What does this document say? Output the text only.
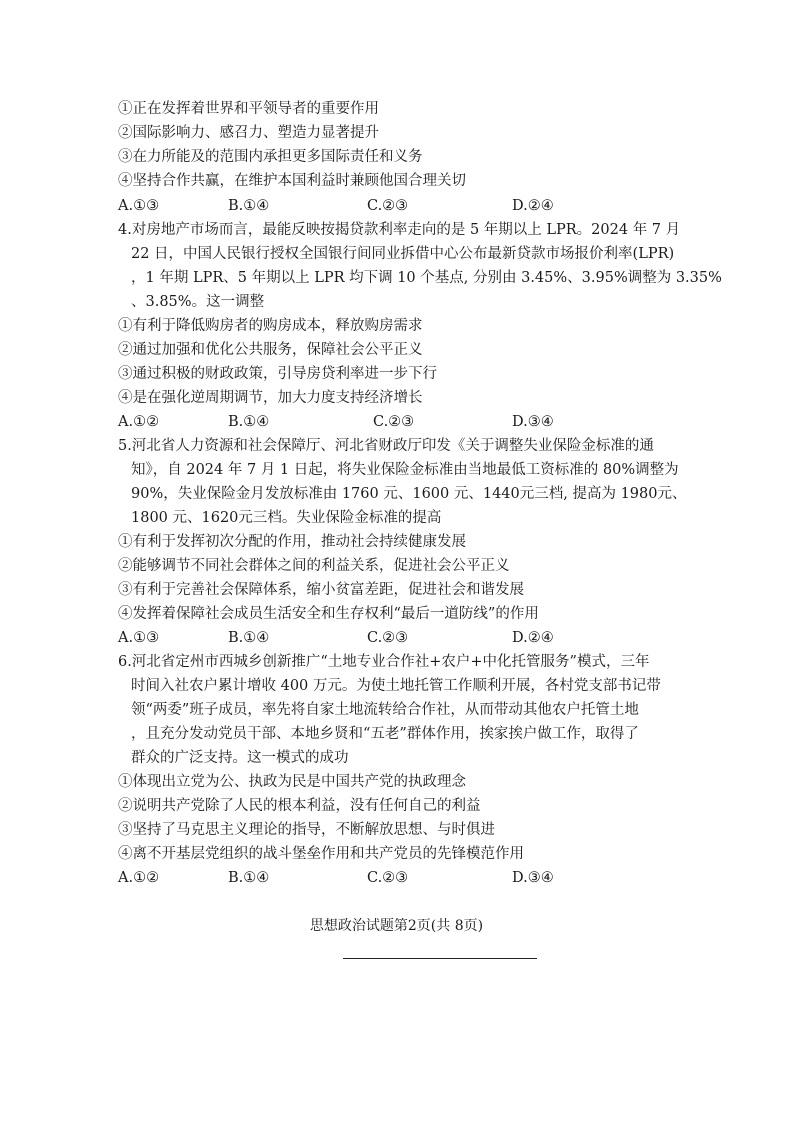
①正在发挥着世界和平领导者的重要作用
②国际影响力、感召力、塑造力显著提升
③在力所能及的范围内承担更多国际责任和义务
④坚持合作共赢，在维护本国利益时兼顾他国合理关切
A.①③	B.①④	C.②③	D.②④
4.对房地产市场而言，最能反映按揭贷款利率走向的是 5 年期以上 LPR。2024 年 7 月
22 日，中国人民银行授权全国银行间同业拆借中心公布最新贷款市场报价利率(LPR)
，1 年期 LPR、5 年期以上 LPR 均下调 10 个基点, 分别由 3.45%、3.95%调整为 3.35%
、3.85%。这一调整
①有利于降低购房者的购房成本，释放购房需求
②通过加强和优化公共服务，保障社会公平正义
③通过积极的财政政策，引导房贷利率进一步下行
④是在强化逆周期调节，加大力度支持经济增长
A.①②	B.①④	C.②③	D.③④
5.河北省人力资源和社会保障厅、河北省财政厅印发《关于调整失业保险金标准的通
知》，自 2024 年 7 月 1 日起，将失业保险金标准由当地最低工资标准的 80%调整为
90%，失业保险金月发放标准由 1760 元、1600 元、1440元三档, 提高为 1980元、
1800 元、1620元三档。失业保险金标准的提高
①有利于发挥初次分配的作用，推动社会持续健康发展
②能够调节不同社会群体之间的利益关系，促进社会公平正义
③有利于完善社会保障体系，缩小贫富差距，促进社会和谐发展
④发挥着保障社会成员生活安全和生存权利“最后一道防线”的作用
A.①③	B.①④	C.②③	D.②④
6.河北省定州市西城乡创新推广“土地专业合作社+农户+中化托管服务”模式，三年
时间入社农户累计增收 400 万元。为使土地托管工作顺利开展，各村党支部书记带
领“两委”班子成员，率先将自家土地流转给合作社，从而带动其他农户托管土地
，且充分发动党员干部、本地乡贤和“五老”群体作用，挨家挨户做工作，取得了
群众的广泛支持。这一模式的成功
①体现出立党为公、执政为民是中国共产党的执政理念
②说明共产党除了人民的根本利益，没有任何自己的利益
③坚持了马克思主义理论的指导，不断解放思想、与时俱进
④离不开基层党组织的战斗堡垒作用和共产党员的先锋模范作用
A.①②	B.①④	C.②③	D.③④
思想政治试题第2页(共 8页)
